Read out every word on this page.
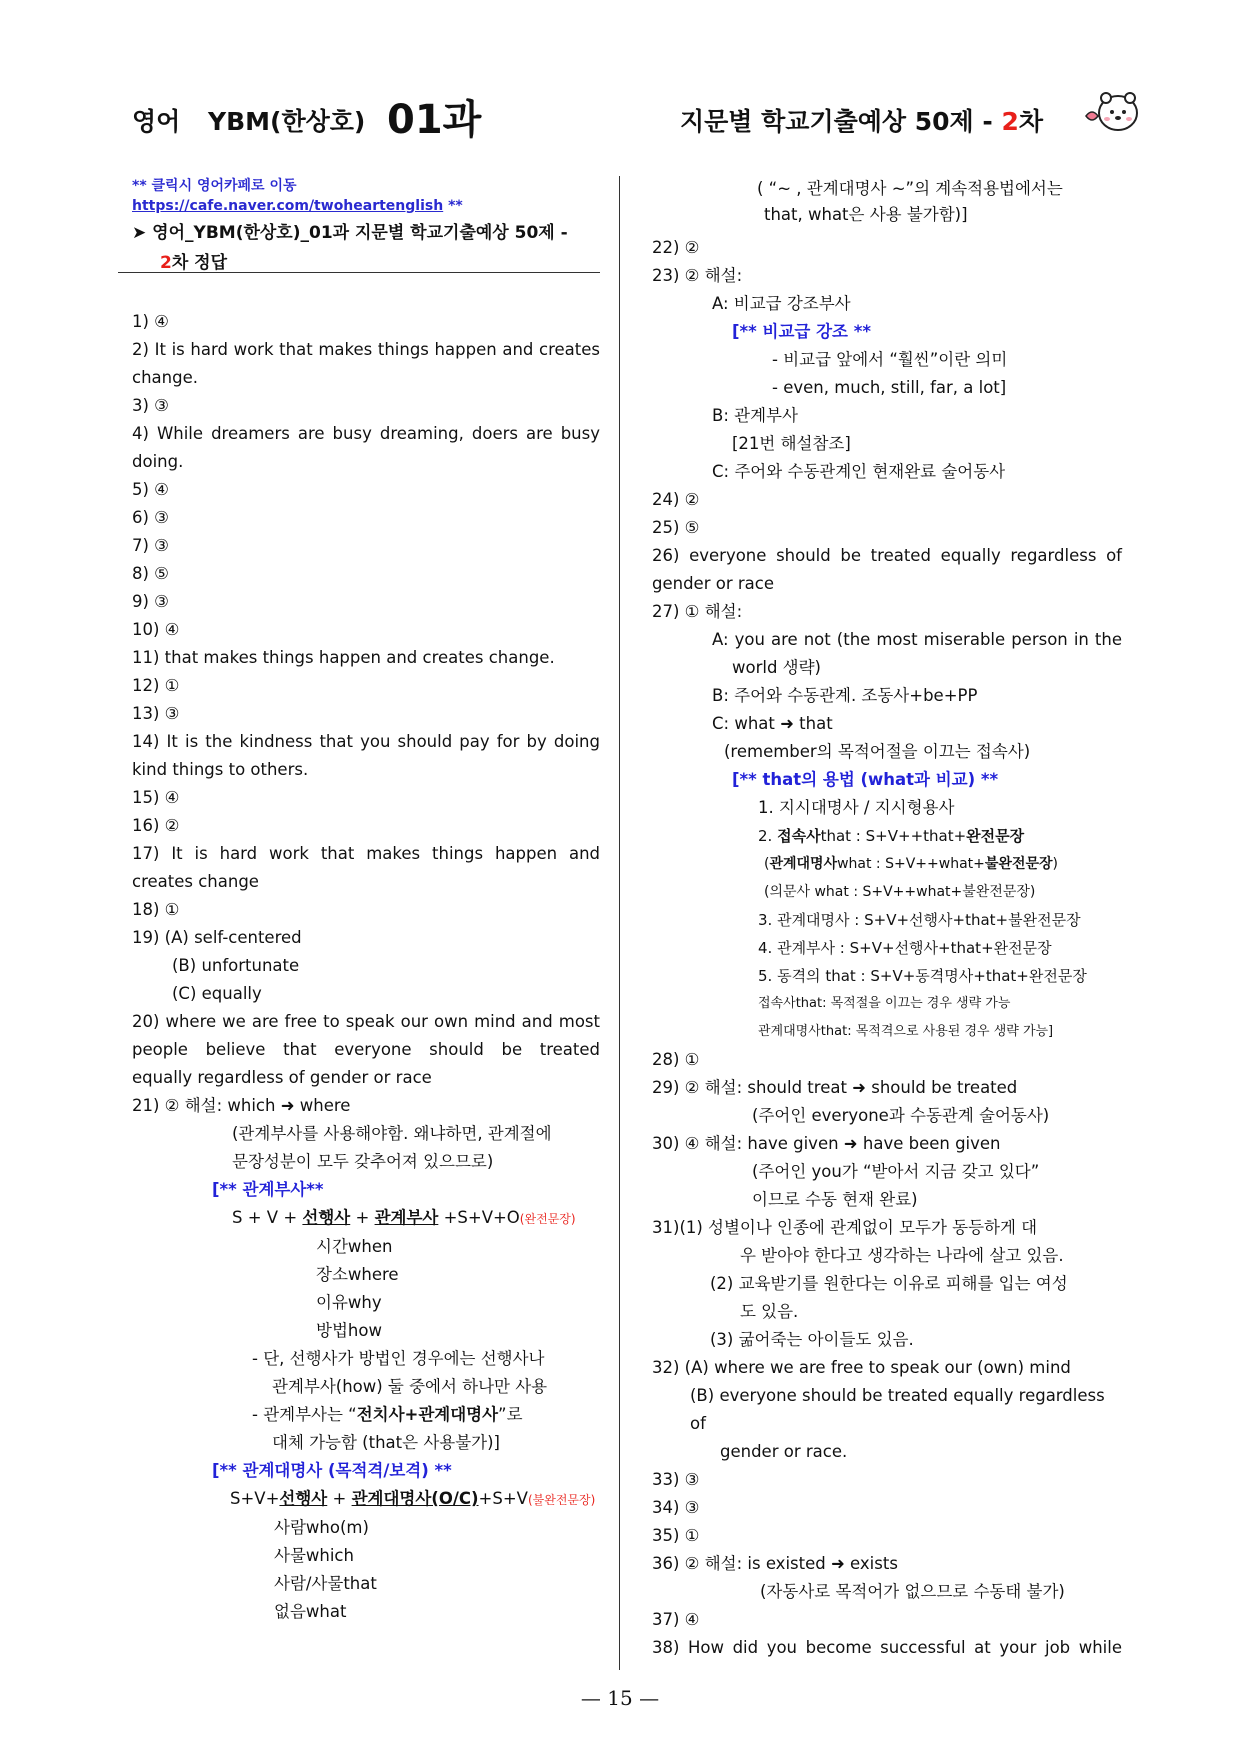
영어 YBM(한상호) 01과	지문별 학교기출예상 50제 - 2차
** 클릭시 영어카페로 이동 https://cafe.naver.com/twoheartenglish **
➤ 영어_YBM(한상호)_01과 지문별 학교기출예상 50제 -
2차 정답
1) ④
2) It is hard work that makes things happen and creates
change.
3) ③
4) While dreamers are busy dreaming, doers are busy
doing.
5) ④
6) ③
7) ③
8) ⑤
9) ③
10) ④
11) that makes things happen and creates change.
12) ①
13) ③
14) It is the kindness that you should pay for by doing
kind things to others.
15) ④
16) ②
17) It is hard work that makes things happen and
creates change
18) ①
19) (A) self-centered
(B) unfortunate
(C) equally
20) where we are free to speak our own mind and most
people believe that everyone should be treated
equally regardless of gender or race
21) ② 해설: which ➜ where
(관계부사를 사용해야함. 왜냐하면, 관계절에
문장성분이 모두 갖추어져 있으므로)
[** 관계부사**
S + V + 선행사 + 관계부사 +S+V+O(완전문장)
시간when
장소where
이유why
방법how
- 단, 선행사가 방법인 경우에는 선행사나
관계부사(how) 둘 중에서 하나만 사용
- 관계부사는 “전치사+관계대명사”로
대체 가능함 (that은 사용불가)]
[** 관계대명사 (목적격/보격) **
S+V+선행사 + 관계대명사(O/C)+S+V(불완전문장)
사람who(m)
사물which
사람/사물that
없음what
( “~ , 관계대명사 ~”의 계속적용법에서는
that, what은 사용 불가함)]
22) ②
23) ② 해설:
A: 비교급 강조부사
[** 비교급 강조 **
- 비교급 앞에서 “훨씬”이란 의미
- even, much, still, far, a lot]
B: 관계부사
[21번 해설참조]
C: 주어와 수동관계인 현재완료 술어동사
24) ②
25) ⑤
26) everyone should be treated equally regardless of
gender or race
27) ① 해설:
A: you are not (the most miserable person in the
world 생략)
B: 주어와 수동관계. 조동사+be+PP
C: what ➜ that
(remember의 목적어절을 이끄는 접속사)
[** that의 용법 (what과 비교) **
1. 지시대명사 / 지시형용사
2. 접속사that : S+V++that+완전문장
(관계대명사what : S+V++what+불완전문장)
(의문사 what : S+V++what+불완전문장)
3. 관계대명사 : S+V+선행사+that+불완전문장
4. 관계부사 : S+V+선행사+that+완전문장
5. 동격의 that : S+V+동격명사+that+완전문장
접속사that: 목적절을 이끄는 경우 생략 가능
관계대명사that: 목적격으로 사용된 경우 생략 가능]
28) ①
29) ② 해설: should treat ➜ should be treated
(주어인 everyone과 수동관계 술어동사)
30) ④ 해설: have given ➜ have been given
(주어인 you가 “받아서 지금 갖고 있다”
이므로 수동 현재 완료)
31)(1) 성별이나 인종에 관계없이 모두가 동등하게 대
우 받아야 한다고 생각하는 나라에 살고 있음.
(2) 교육받기를 원한다는 이유로 피해를 입는 여성
도 있음.
(3) 굶어죽는 아이들도 있음.
32) (A) where we are free to speak our (own) mind
(B) everyone should be treated equally regardless of
gender or race.
33) ③
34) ③
35) ①
36) ② 해설: is existed ➜ exists
(자동사로 목적어가 없으므로 수동태 불가)
37) ④
38) How did you become successful at your job while
— 15 —
